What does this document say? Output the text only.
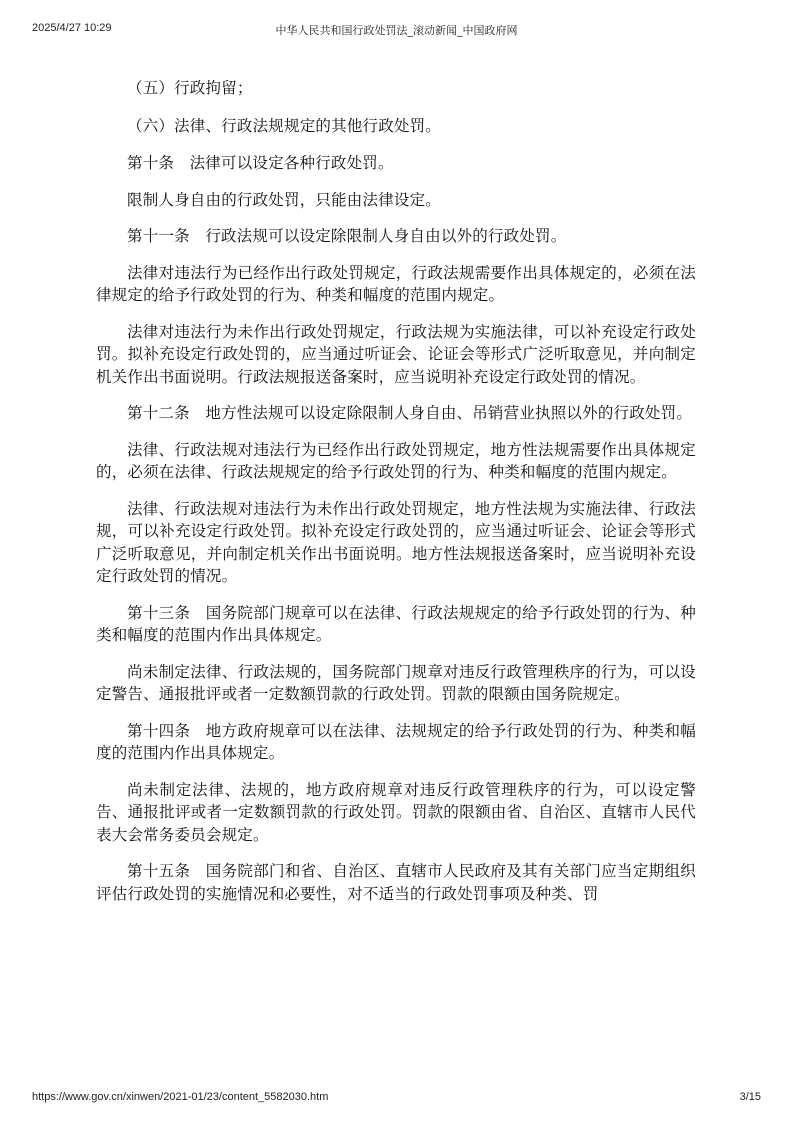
2025/4/27 10:29	中华人民共和国行政处罚法_滚动新闻_中国政府网

（五）行政拘留；

（六）法律、行政法规规定的其他行政处罚。

第十条 法律可以设定各种行政处罚。

限制人身自由的行政处罚，只能由法律设定。

第十一条 行政法规可以设定除限制人身自由以外的行政处罚。

法律对违法行为已经作出行政处罚规定，行政法规需要作出具体规定的，必须在法律规定的给予行政处罚的行为、种类和幅度的范围内规定。

法律对违法行为未作出行政处罚规定，行政法规为实施法律，可以补充设定行政处罚。拟补充设定行政处罚的，应当通过听证会、论证会等形式广泛听取意见，并向制定机关作出书面说明。行政法规报送备案时，应当说明补充设定行政处罚的情况。

第十二条 地方性法规可以设定除限制人身自由、吊销营业执照以外的行政处罚。

法律、行政法规对违法行为已经作出行政处罚规定，地方性法规需要作出具体规定的，必须在法律、行政法规规定的给予行政处罚的行为、种类和幅度的范围内规定。

法律、行政法规对违法行为未作出行政处罚规定，地方性法规为实施法律、行政法规，可以补充设定行政处罚。拟补充设定行政处罚的，应当通过听证会、论证会等形式广泛听取意见，并向制定机关作出书面说明。地方性法规报送备案时，应当说明补充设定行政处罚的情况。

第十三条 国务院部门规章可以在法律、行政法规规定的给予行政处罚的行为、种类和幅度的范围内作出具体规定。

尚未制定法律、行政法规的，国务院部门规章对违反行政管理秩序的行为，可以设定警告、通报批评或者一定数额罚款的行政处罚。罚款的限额由国务院规定。

第十四条 地方政府规章可以在法律、法规规定的给予行政处罚的行为、种类和幅度的范围内作出具体规定。

尚未制定法律、法规的，地方政府规章对违反行政管理秩序的行为，可以设定警告、通报批评或者一定数额罚款的行政处罚。罚款的限额由省、自治区、直辖市人民代表大会常务委员会规定。

第十五条 国务院部门和省、自治区、直辖市人民政府及其有关部门应当定期组织评估行政处罚的实施情况和必要性，对不适当的行政处罚事项及种类、罚

https://www.gov.cn/xinwen/2021-01/23/content_5582030.htm	3/15
